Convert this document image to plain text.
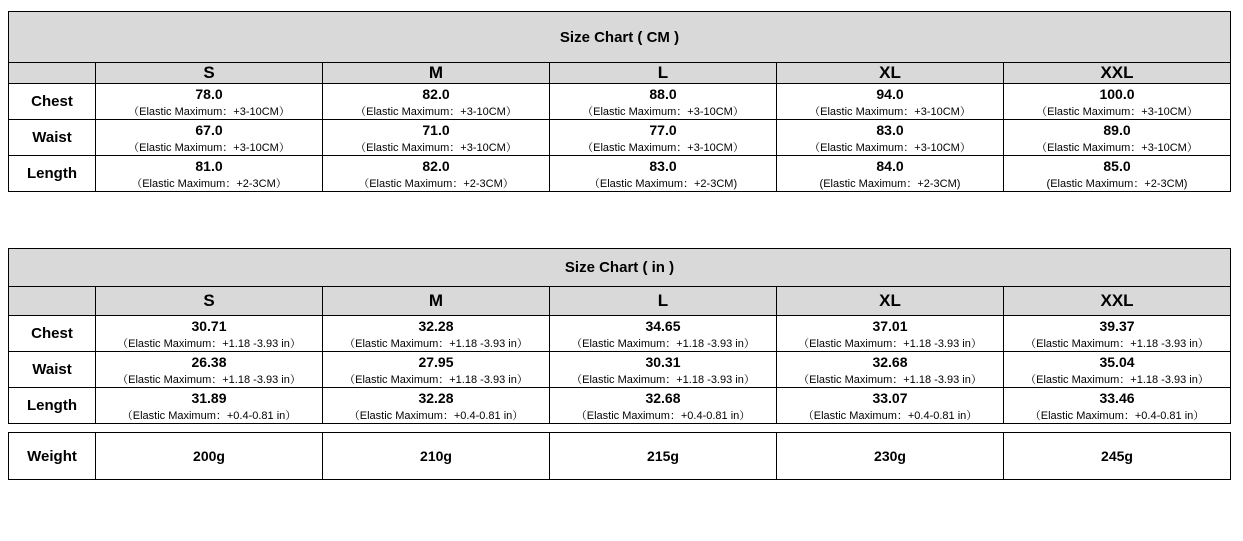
Size Chart ( CM )					
	S	M	L	XL	XXL
Chest	78.0	82.0	88.0	94.0	100.0
	（Elastic Maximum：+3-10CM）	（Elastic Maximum：+3-10CM）	（Elastic Maximum：+3-10CM）	（Elastic Maximum：+3-10CM）	（Elastic Maximum：+3-10CM）
Waist	67.0	71.0	77.0	83.0	89.0
	（Elastic Maximum：+3-10CM）	（Elastic Maximum：+3-10CM）	（Elastic Maximum：+3-10CM）	（Elastic Maximum：+3-10CM）	（Elastic Maximum：+3-10CM）
Length	81.0	82.0	83.0	84.0	85.0
	（Elastic Maximum：+2-3CM）	（Elastic Maximum：+2-3CM）	（Elastic Maximum：+2-3CM)	(Elastic Maximum：+2-3CM)	(Elastic Maximum：+2-3CM)
Size Chart ( in )					
	S	M	L	XL	XXL
Chest	30.71	32.28	34.65	37.01	39.37
	（Elastic Maximum：+1.18 -3.93 in）	（Elastic Maximum：+1.18 -3.93 in）	（Elastic Maximum：+1.18 -3.93 in）	（Elastic Maximum：+1.18 -3.93 in）	（Elastic Maximum：+1.18 -3.93 in）
Waist	26.38	27.95	30.31	32.68	35.04
	（Elastic Maximum：+1.18 -3.93 in）	（Elastic Maximum：+1.18 -3.93 in）	（Elastic Maximum：+1.18 -3.93 in）	（Elastic Maximum：+1.18 -3.93 in）	（Elastic Maximum：+1.18 -3.93 in）
Length	31.89	32.28	32.68	33.07	33.46
	（Elastic Maximum：+0.4-0.81 in）	（Elastic Maximum：+0.4-0.81 in）	（Elastic Maximum：+0.4-0.81 in）	（Elastic Maximum：+0.4-0.81 in）	（Elastic Maximum：+0.4-0.81 in）

Weight	200g	210g	215g	230g	245g
